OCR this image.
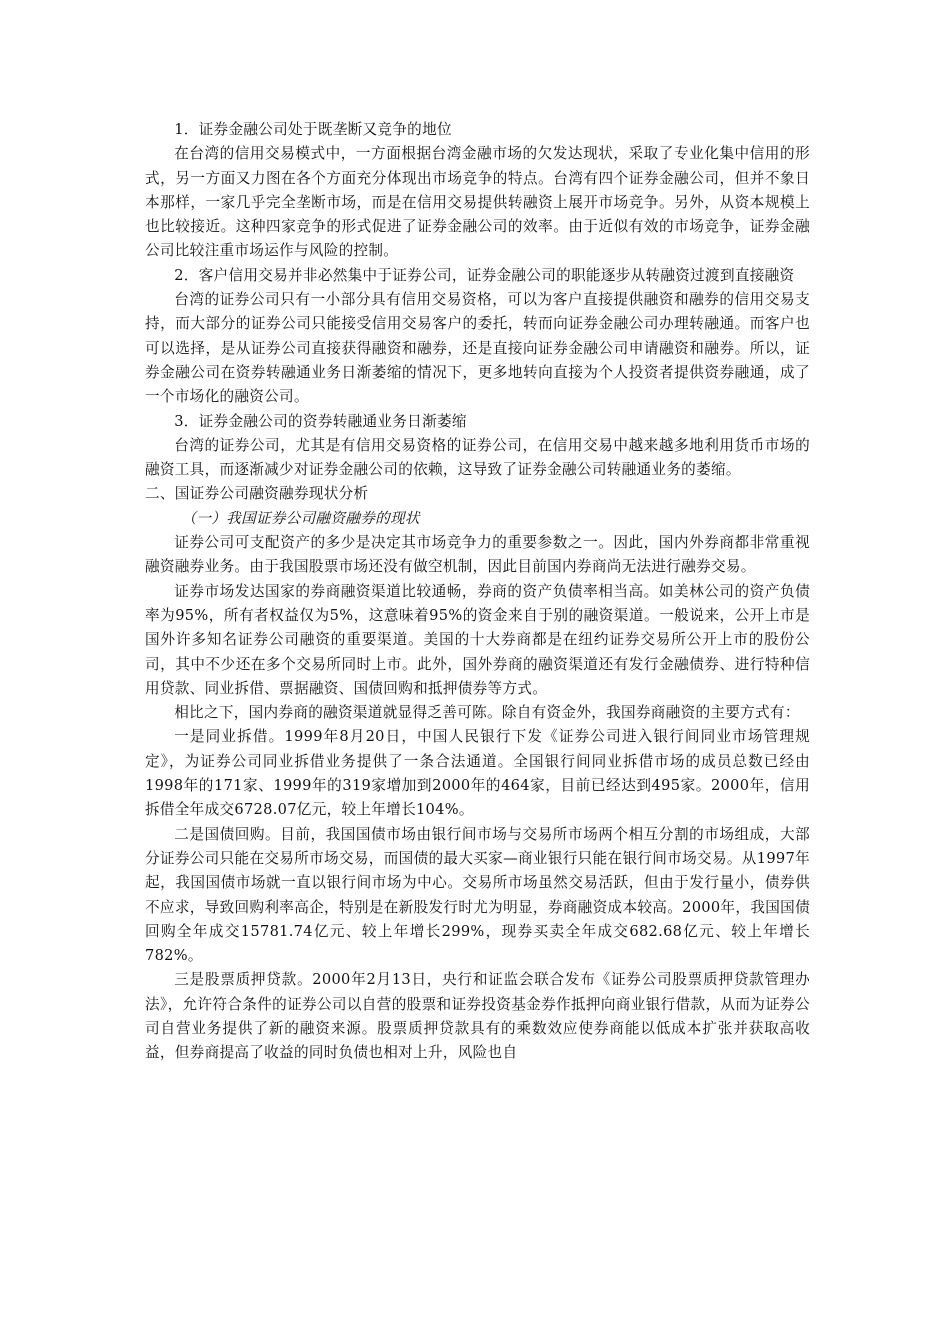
1．证券金融公司处于既垄断又竞争的地位

在台湾的信用交易模式中，一方面根据台湾金融市场的欠发达现状，采取了专业化集中信用的形式，另一方面又力图在各个方面充分体现出市场竞争的特点。台湾有四个证券金融公司，但并不象日本那样，一家几乎完全垄断市场，而是在信用交易提供转融资上展开市场竞争。另外，从资本规模上也比较接近。这种四家竞争的形式促进了证券金融公司的效率。由于近似有效的市场竞争，证券金融公司比较注重市场运作与风险的控制。

2．客户信用交易并非必然集中于证券公司，证券金融公司的职能逐步从转融资过渡到直接融资

台湾的证券公司只有一小部分具有信用交易资格，可以为客户直接提供融资和融券的信用交易支持，而大部分的证券公司只能接受信用交易客户的委托，转而向证券金融公司办理转融通。而客户也可以选择，是从证券公司直接获得融资和融券，还是直接向证券金融公司申请融资和融券。所以，证券金融公司在资券转融通业务日渐萎缩的情况下，更多地转向直接为个人投资者提供资券融通，成了一个市场化的融资公司。

3．证券金融公司的资券转融通业务日渐萎缩

台湾的证券公司，尤其是有信用交易资格的证券公司，在信用交易中越来越多地利用货币市场的融资工具，而逐渐减少对证券金融公司的依赖，这导致了证券金融公司转融通业务的萎缩。

二、国证券公司融资融券现状分析

（一）我国证券公司融资融券的现状

证券公司可支配资产的多少是决定其市场竞争力的重要参数之一。因此，国内外券商都非常重视融资融券业务。由于我国股票市场还没有做空机制，因此目前国内券商尚无法进行融券交易。

证券市场发达国家的券商融资渠道比较通畅，券商的资产负债率相当高。如美林公司的资产负债率为95%，所有者权益仅为5%，这意味着95%的资金来自于别的融资渠道。一般说来，公开上市是国外许多知名证券公司融资的重要渠道。美国的十大券商都是在纽约证券交易所公开上市的股份公司，其中不少还在多个交易所同时上市。此外，国外券商的融资渠道还有发行金融债券、进行特种信用贷款、同业拆借、票据融资、国债回购和抵押债券等方式。

相比之下，国内券商的融资渠道就显得乏善可陈。除自有资金外，我国券商融资的主要方式有：

一是同业拆借。1999年8月20日，中国人民银行下发《证券公司进入银行间同业市场管理规定》，为证券公司同业拆借业务提供了一条合法通道。全国银行间同业拆借市场的成员总数已经由1998年的171家、1999年的319家增加到2000年的464家，目前已经达到495家。2000年，信用拆借全年成交6728.07亿元，较上年增长104%。

二是国债回购。目前，我国国债市场由银行间市场与交易所市场两个相互分割的市场组成，大部分证券公司只能在交易所市场交易，而国债的最大买家—商业银行只能在银行间市场交易。从1997年起，我国国债市场就一直以银行间市场为中心。交易所市场虽然交易活跃，但由于发行量小，债券供不应求，导致回购利率高企，特别是在新股发行时尤为明显，券商融资成本较高。2000年，我国国债回购全年成交15781.74亿元、较上年增长299%，现券买卖全年成交682.68亿元、较上年增长782%。

三是股票质押贷款。2000年2月13日，央行和证监会联合发布《证券公司股票质押贷款管理办法》，允许符合条件的证券公司以自营的股票和证券投资基金券作抵押向商业银行借款，从而为证券公司自营业务提供了新的融资来源。股票质押贷款具有的乘数效应使券商能以低成本扩张并获取高收益，但券商提高了收益的同时负债也相对上升，风险也自
